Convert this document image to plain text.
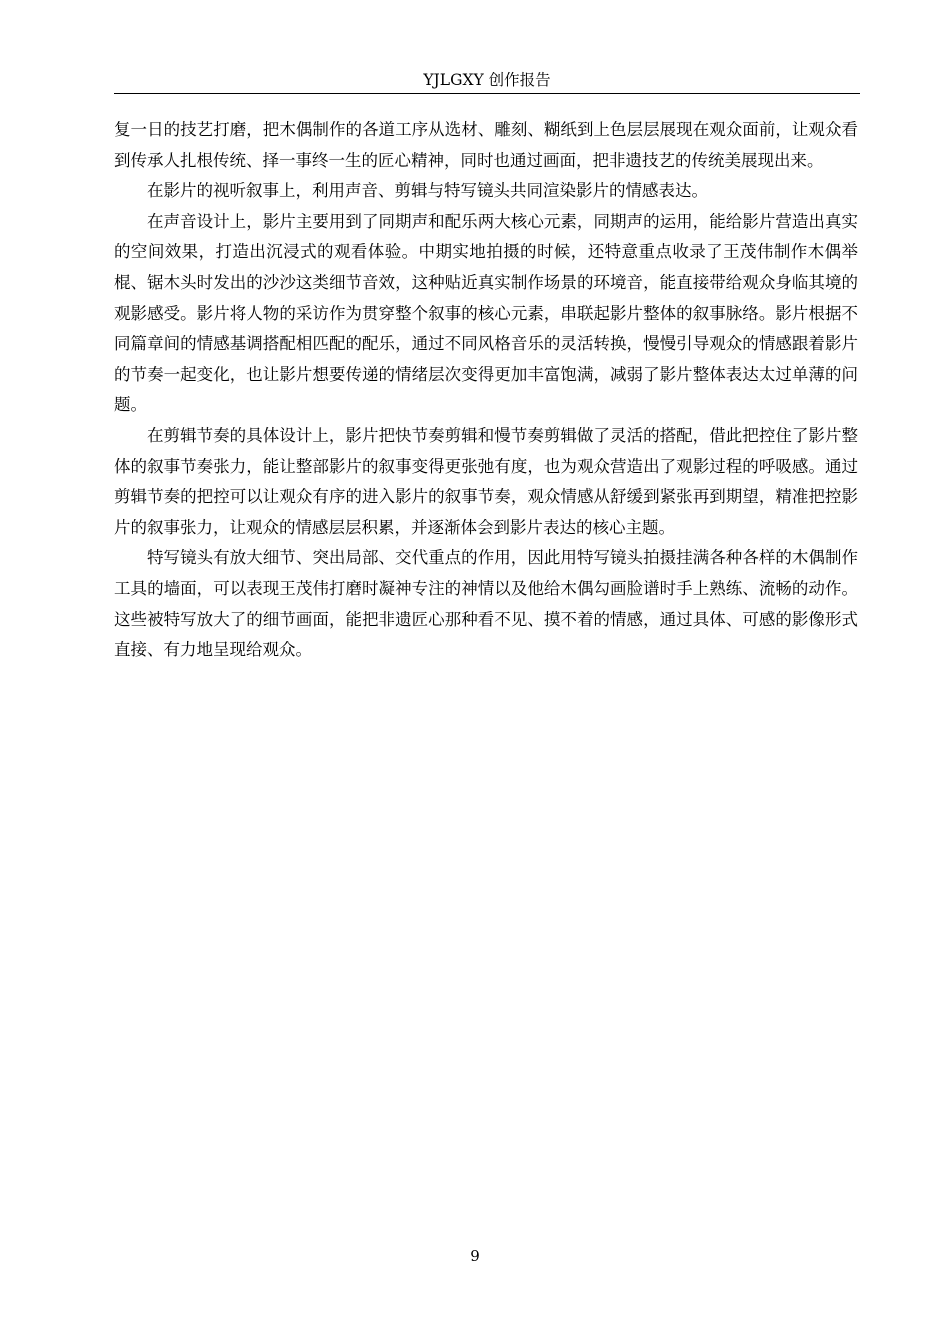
YJLGXY 创作报告

复一日的技艺打磨，把木偶制作的各道工序从选材、雕刻、糊纸到上色层层展现在观众面前，让观众看到传承人扎根传统、择一事终一生的匠心精神，同时也通过画面，把非遗技艺的传统美展现出来。

在影片的视听叙事上，利用声音、剪辑与特写镜头共同渲染影片的情感表达。

在声音设计上，影片主要用到了同期声和配乐两大核心元素，同期声的运用，能给影片营造出真实的空间效果，打造出沉浸式的观看体验。中期实地拍摄的时候，还特意重点收录了王茂伟制作木偶举棍、锯木头时发出的沙沙这类细节音效，这种贴近真实制作场景的环境音，能直接带给观众身临其境的观影感受。影片将人物的采访作为贯穿整个叙事的核心元素，串联起影片整体的叙事脉络。影片根据不同篇章间的情感基调搭配相匹配的配乐，通过不同风格音乐的灵活转换，慢慢引导观众的情感跟着影片的节奏一起变化，也让影片想要传递的情绪层次变得更加丰富饱满，减弱了影片整体表达太过单薄的问题。

在剪辑节奏的具体设计上，影片把快节奏剪辑和慢节奏剪辑做了灵活的搭配，借此把控住了影片整体的叙事节奏张力，能让整部影片的叙事变得更张弛有度，也为观众营造出了观影过程的呼吸感。通过剪辑节奏的把控可以让观众有序的进入影片的叙事节奏，观众情感从舒缓到紧张再到期望，精准把控影片的叙事张力，让观众的情感层层积累，并逐渐体会到影片表达的核心主题。

特写镜头有放大细节、突出局部、交代重点的作用，因此用特写镜头拍摄挂满各种各样的木偶制作工具的墙面，可以表现王茂伟打磨时凝神专注的神情以及他给木偶勾画脸谱时手上熟练、流畅的动作。这些被特写放大了的细节画面，能把非遗匠心那种看不见、摸不着的情感，通过具体、可感的影像形式直接、有力地呈现给观众。

9
